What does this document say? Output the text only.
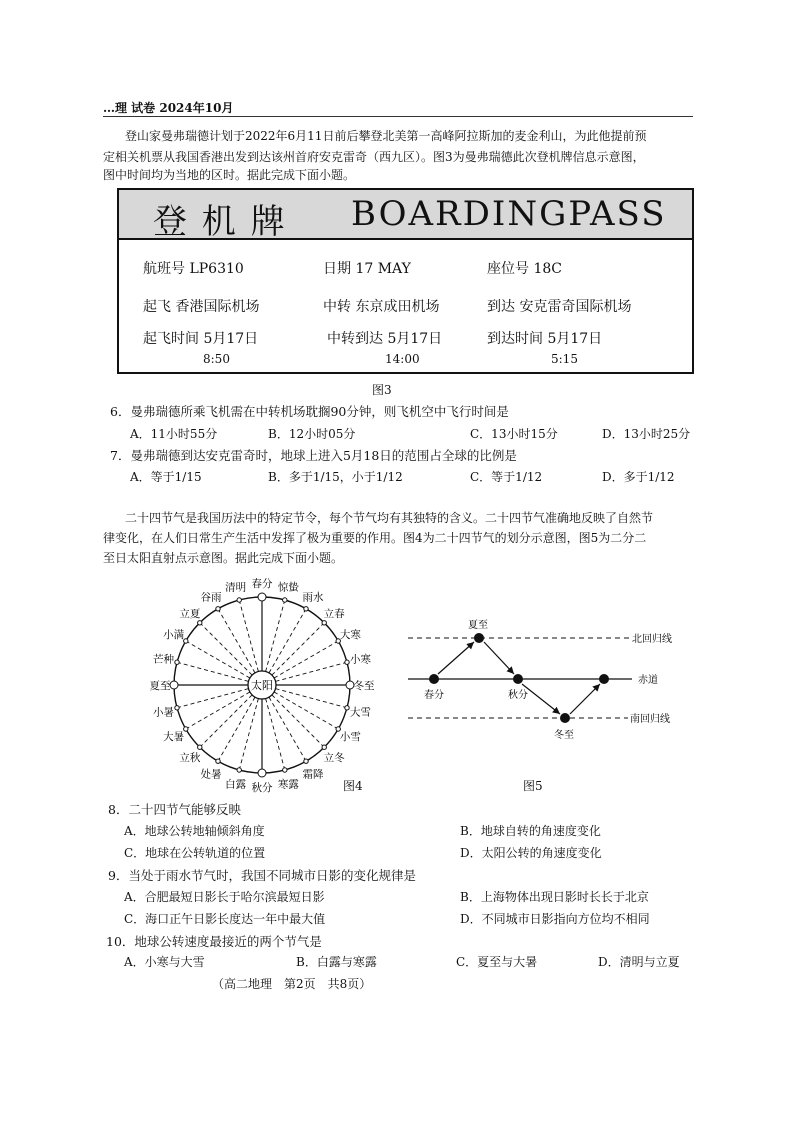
…理 试卷 2024年10月
登山家曼弗瑞德计划于2022年6月11日前后攀登北美第一高峰阿拉斯加的麦金利山，为此他提前预
定相关机票从我国香港出发到达该州首府安克雷奇（西九区）。图3为曼弗瑞德此次登机牌信息示意图，
图中时间均为当地的区时。据此完成下面小题。
登 机 牌 BOARDINGPASS
航班号 LP6310	日期 17 MAY	座位号 18C
起飞 香港国际机场	中转 东京成田机场	到达 安克雷奇国际机场
起飞时间 5月17日	中转到达 5月17日	到达时间 5月17日
8:50	14:00	5:15
图3
6．曼弗瑞德所乘飞机需在中转机场耽搁90分钟，则飞机空中飞行时间是
A．11小时55分	B．12小时05分	C．13小时15分	D．13小时25分
7．曼弗瑞德到达安克雷奇时，地球上进入5月18日的范围占全球的比例是
A．等于1/15	B．多于1/15，小于1/12	C．等于1/12	D．多于1/12
二十四节气是我国历法中的特定节令，每个节气均有其独特的含义。二十四节气准确地反映了自然节
律变化，在人们日常生产生活中发挥了极为重要的作用。图4为二十四节气的划分示意图，图5为二分二
至日太阳直射点示意图。据此完成下面小题。
春分 惊蛰
雨水
立春
大寒
小寒
冬至
大雪
小雪
立冬
霜降
寒露
秋分
白露
处暑
立秋
大暑
小暑
夏至
芒种
小满
立夏
谷雨
清明
太阳
图4
北回归线
赤道
南回归线
夏至
春分	秋分
冬至
图5
8．二十四节气能够反映
A．地球公转地轴倾斜角度	B．地球自转的角速度变化
C．地球在公转轨道的位置	D．太阳公转的角速度变化
9．当处于雨水节气时，我国不同城市日影的变化规律是
A．合肥最短日影长于哈尔滨最短日影	B．上海物体出现日影时长长于北京
C．海口正午日影长度达一年中最大值	D．不同城市日影指向方位均不相同
10．地球公转速度最接近的两个节气是
A．小寒与大雪	B．白露与寒露	C．夏至与大暑	D．清明与立夏
（高二地理　第2页　共8页）
